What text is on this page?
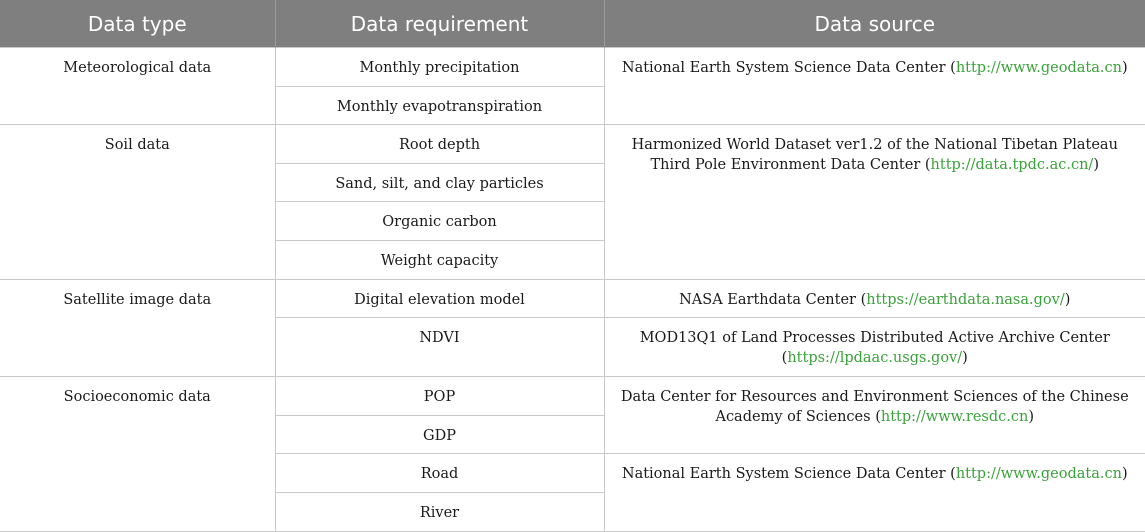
Data type	Data requirement	Data source
Meteorological data	Monthly precipitation	National Earth System Science Data Center (http://www.geodata.cn)
	Monthly evapotranspiration	
Soil data	Root depth	Harmonized World Dataset ver1.2 of the National Tibetan Plateau Third Pole Environment Data Center (http://data.tpdc.ac.cn/)
	Sand, silt, and clay particles	
	Organic carbon	
	Weight capacity	
Satellite image data	Digital elevation model	NASA Earthdata Center (https://earthdata.nasa.gov/)
	NDVI	MOD13Q1 of Land Processes Distributed Active Archive Center (https://lpdaac.usgs.gov/)
Socioeconomic data	POP	Data Center for Resources and Environment Sciences of the Chinese Academy of Sciences (http://www.resdc.cn)
	GDP	
	Road	National Earth System Science Data Center (http://www.geodata.cn)
	River	
